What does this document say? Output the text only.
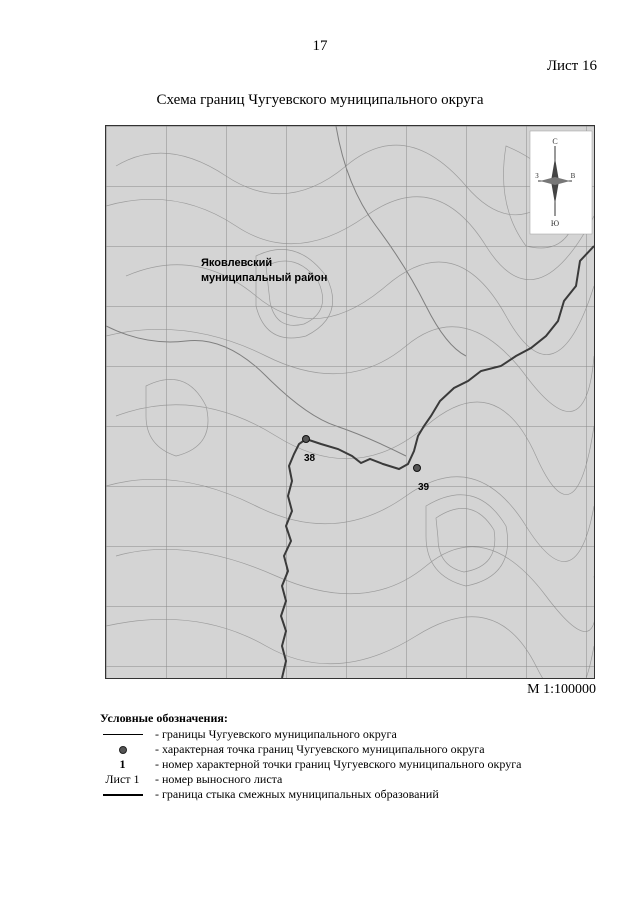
17
Лист 16
Схема границ Чугуевского муниципального округа
С
Ю
З	В
Яковлевский
муниципальный район
38
39
М 1:100000
Условные обозначения:
- границы Чугуевского муниципального округа
- характерная точка границ Чугуевского муниципального округа
1 - номер характерной точки границ Чугуевского муниципального округа
Лист 1 - номер выносного листа
- граница стыка смежных муниципальных образований
